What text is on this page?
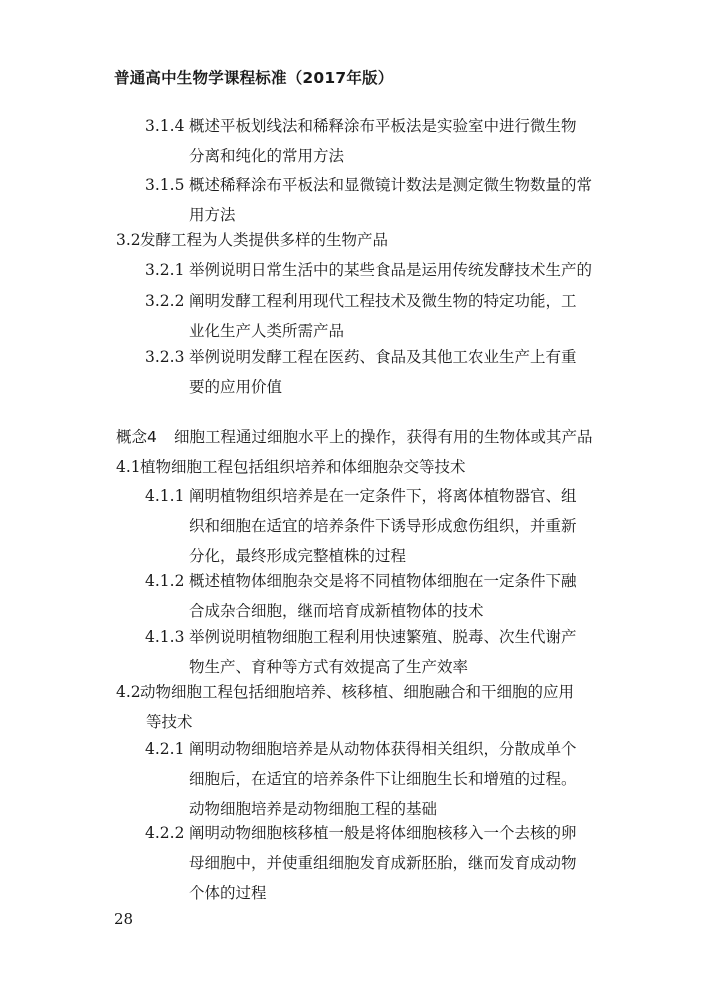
普通高中生物学课程标准（2017年版）
3.1.4 概述平板划线法和稀释涂布平板法是实验室中进行微生物
分离和纯化的常用方法
3.1.5 概述稀释涂布平板法和显微镜计数法是测定微生物数量的常
用方法
3.2发酵工程为人类提供多样的生物产品
3.2.1 举例说明日常生活中的某些食品是运用传统发酵技术生产的
3.2.2 阐明发酵工程利用现代工程技术及微生物的特定功能，工
业化生产人类所需产品
3.2.3 举例说明发酵工程在医药、食品及其他工农业生产上有重
要的应用价值
概念4 细胞工程通过细胞水平上的操作，获得有用的生物体或其产品
4.1植物细胞工程包括组织培养和体细胞杂交等技术
4.1.1 阐明植物组织培养是在一定条件下，将离体植物器官、组
织和细胞在适宜的培养条件下诱导形成愈伤组织，并重新
分化，最终形成完整植株的过程
4.1.2 概述植物体细胞杂交是将不同植物体细胞在一定条件下融
合成杂合细胞，继而培育成新植物体的技术
4.1.3 举例说明植物细胞工程利用快速繁殖、脱毒、次生代谢产
物生产、育种等方式有效提高了生产效率
4.2动物细胞工程包括细胞培养、核移植、细胞融合和干细胞的应用
等技术
4.2.1 阐明动物细胞培养是从动物体获得相关组织，分散成单个
细胞后，在适宜的培养条件下让细胞生长和增殖的过程。
动物细胞培养是动物细胞工程的基础
4.2.2 阐明动物细胞核移植一般是将体细胞核移入一个去核的卵
母细胞中，并使重组细胞发育成新胚胎，继而发育成动物
个体的过程
28
